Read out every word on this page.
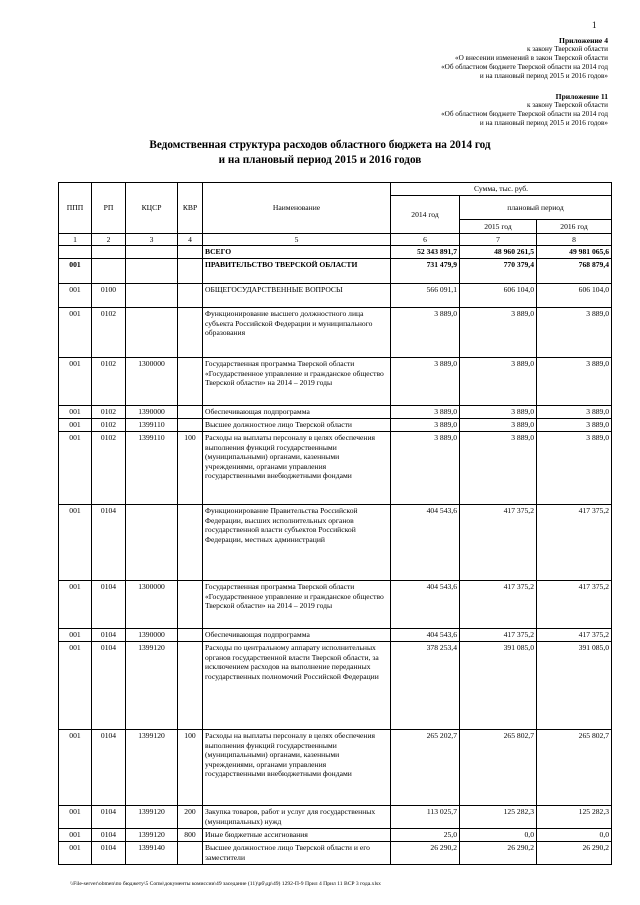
1
Приложение 4
к закону Тверской области
«О внесении изменений в закон Тверской области
«Об областном бюджете Тверской области на 2014 год
и на плановый период 2015 и 2016 годов»
Приложение 11
к закону Тверской области
«Об областном бюджете Тверской области на 2014 год
и на плановый период 2015 и 2016 годов»
Ведомственная структура расходов областного бюджета на 2014 год
и на плановый период 2015 и 2016 годов
ППП	РП	КЦСР	КВР	Наименование	Сумма, тыс. руб.		
					2014 год	плановый период	
						2015 год	2016 год
1	2	3	4	5	6	7	8
				ВСЕГО	52 343 891,7	48 960 261,5	49 981 065,6
001				ПРАВИТЕЛЬСТВО ТВЕРСКОЙ ОБЛАСТИ	731 479,9	770 379,4	768 879,4
001	0100			ОБЩЕГОСУДАРСТВЕННЫЕ ВОПРОСЫ	566 091,1	606 104,0	606 104,0
001	0102			Функционирование высшего должностного лица субъекта Российской Федерации и муниципального образования	3 889,0	3 889,0	3 889,0
001	0102	1300000		Государственная программа Тверской области «Государственное управление и гражданское общество Тверской области» на 2014 – 2019 годы	3 889,0	3 889,0	3 889,0
001	0102	1390000		Обеспечивающая подпрограмма	3 889,0	3 889,0	3 889,0
001	0102	1399110		Высшее должностное лицо Тверской области	3 889,0	3 889,0	3 889,0
001	0102	1399110	100	Расходы на выплаты персоналу в целях обеспечения выполнения функций государственными (муниципальными) органами, казенными учреждениями, органами управления государственными внебюджетными фондами	3 889,0	3 889,0	3 889,0
001	0104			Функционирование Правительства Российской Федерации, высших исполнительных органов государственной власти субъектов Российской Федерации, местных администраций	404 543,6	417 375,2	417 375,2
001	0104	1300000		Государственная программа Тверской области «Государственное управление и гражданское общество Тверской области» на 2014 – 2019 годы	404 543,6	417 375,2	417 375,2
001	0104	1390000		Обеспечивающая подпрограмма	404 543,6	417 375,2	417 375,2
001	0104	1399120		Расходы по центральному аппарату исполнительных органов государственной власти Тверской области, за исключением расходов на выполнение переданных государственных полномочий Российской Федерации	378 253,4	391 085,0	391 085,0
001	0104	1399120	100	Расходы на выплаты персоналу в целях обеспечения выполнения функций государственными (муниципальными) органами, казенными учреждениями, органами управления государственными внебюджетными фондами	265 202,7	265 802,7	265 802,7
001	0104	1399120	200	Закупка товаров, работ и услуг для государственных (муниципальных) нужд	113 025,7	125 282,3	125 282,3
001	0104	1399120	800	Иные бюджетные ассигнования	25,0	0,0	0,0
001	0104	1399140		Высшее должностное лицо Тверской области и его заместители	26 290,2	26 290,2	26 290,2
\\File-server\obmen\по бюджету\5 Сопм\документы комиссии\49 заседание (11)\рб\др\49) 1292-П-9 Прил 4 Прил 11 ВСР 3 года.xlsx
